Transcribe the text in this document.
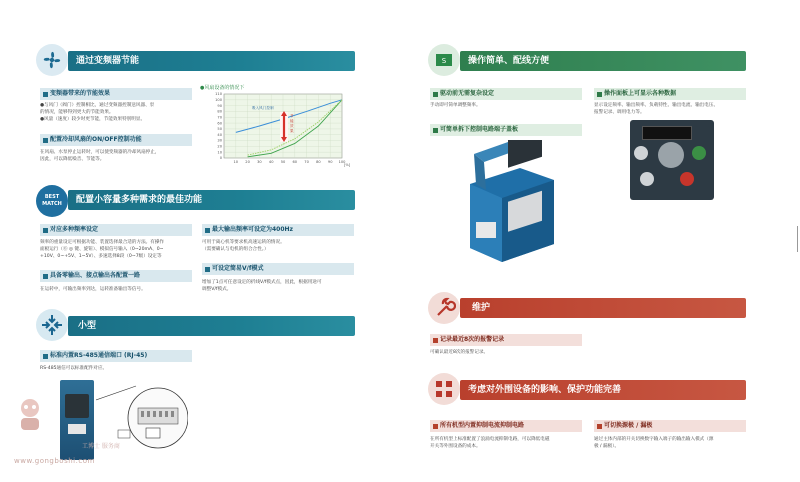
通过变频器节能
变频器带来的节能效果
●与风门（阀门）控制相比，通过变频器控制送风器、泵
的情况，能够得到更大的节能效果。
●风量（速度）较少时更节能，节能效果特别明显。
配置冷却风扇的ON/OFF控制功能
在风扇、水泵停止运转时，可以使变频器的冷却风扇停止，
因此，可以降低噪音、节能等。
●风扇设备的情况下
0
10
20
30
40
50
60
70
80
90
100
110
10 20 30 40 50 60 70 80 90 100
[%]
吸入风门控制
节
能
效
果
BEST
MATCH	配置小容量多种需求的最佳功能
对应多种频率设定
频率的重量设定可根据功能、装置选择最合适的方法。有操作
面板运行（⓪ ◎ 键、旋钮）、模拟信号输入（0~20mA、0~
+10V、0~+5V、1~5V）、多速选择8段（0~7级）设定等
最大输出频率可设定为400Hz
可用于离心机等要求机高速运转的情况。
（需要确认与电机的组合合性。）
具备零输出、接点输出各配置一路
在运转中，可输出频率到达，运转准备输出等信号。
可设定简易V/f模式
增加了1点可任意设定的折线V/f模式点，因此，根据用途可
调整V/f模式。
小型
标准内置RS-485通信端口 (RJ-45)
RS-485通信可以标准配件对应。
工博士 服务商
www.gongboshi.com
S 操作简单、配线方便
驱动前无需复杂设定
手动即可简单调整频率。
可简单拆下控制电路端子盖板
操作面板上可显示各种数据
显示设定频率、输出频率、负载特性、输出电流、输出电压、
报警记录、调用电力等。
维护
记录最近8次的报警记录
可确认最近8次的报警记录。
考虑对外围设备的影响、保护功能完善
所有机型内置抑制电流抑制电路
在所有机型上标准配置了浪涌电流抑制电路，可以降低电磁
开关等外围设备的成本。
可切换源极 / 漏极
通过主体内部的开关切换数字输入端子的输出输入模式（源
极 / 漏极）。
